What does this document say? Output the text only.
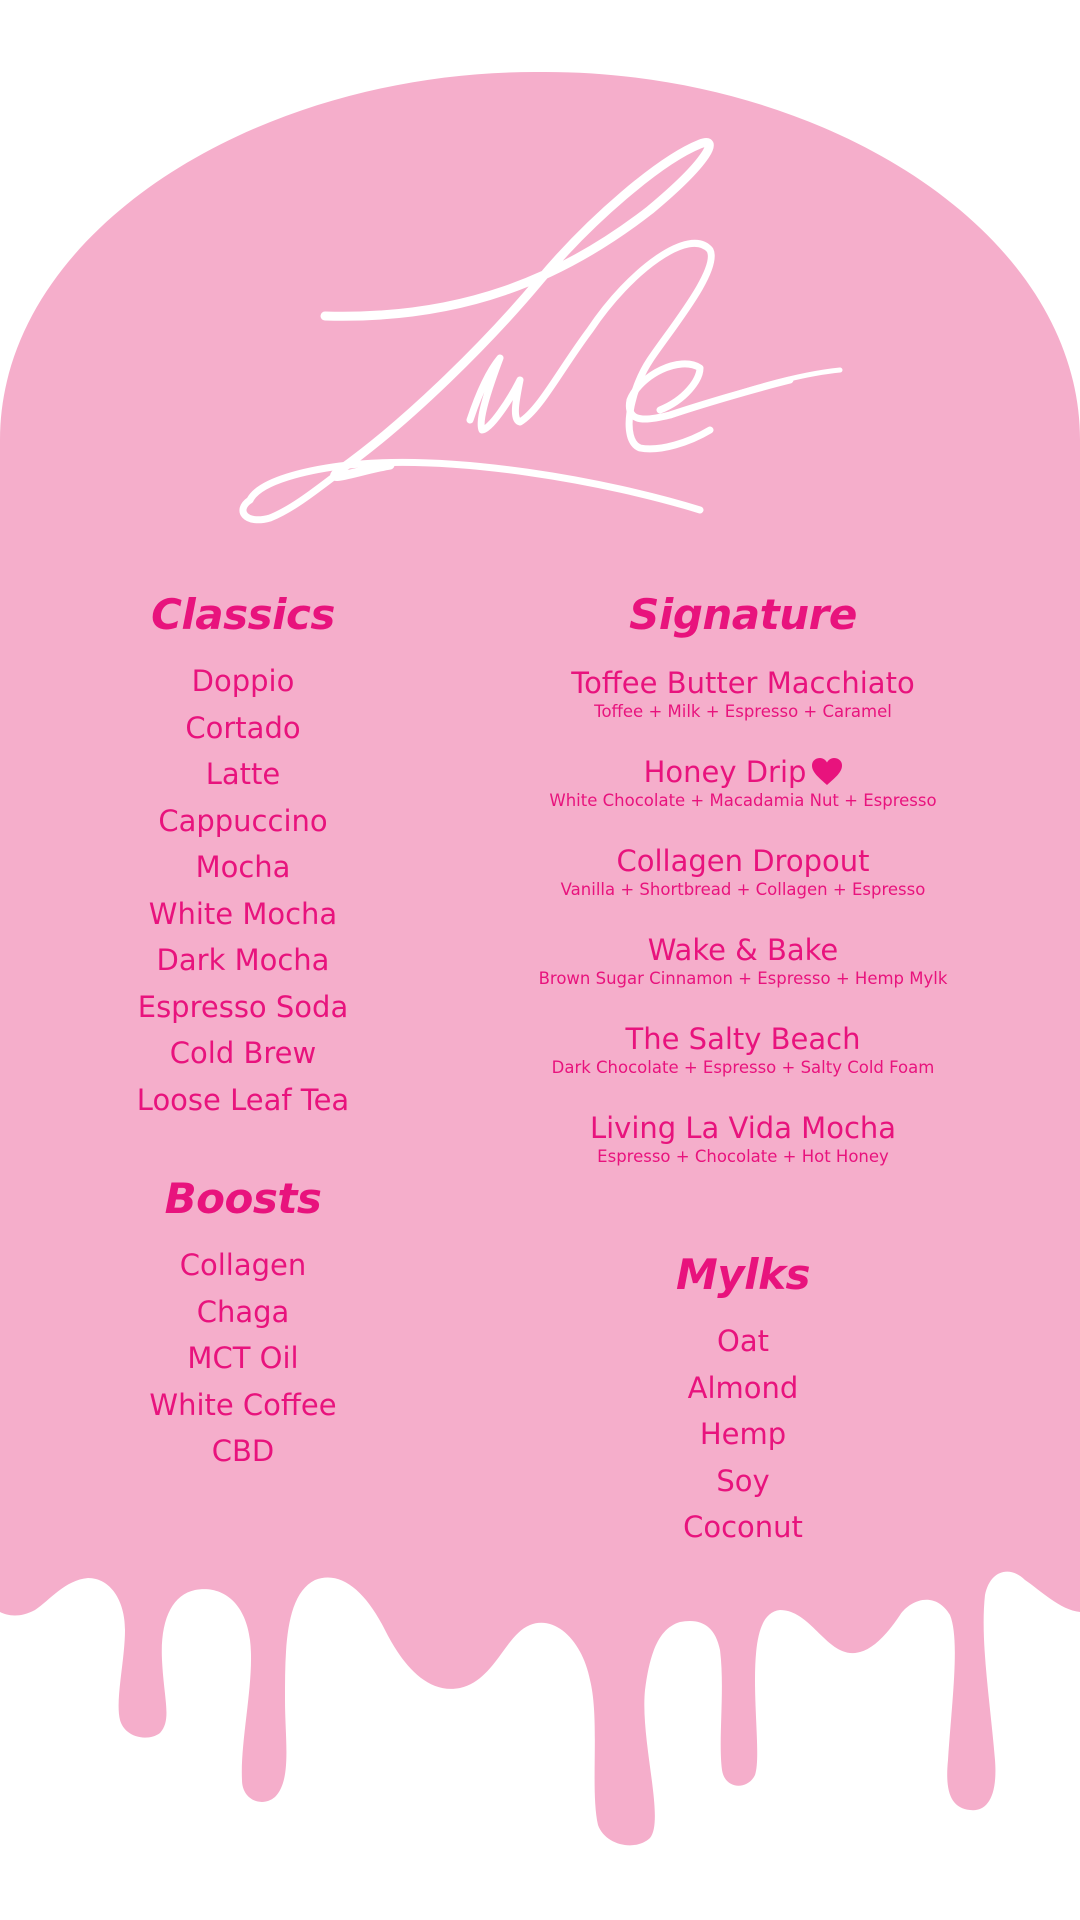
Classics

Doppio

Cortado

Latte

Cappuccino

Mocha

White Mocha

Dark Mocha

Espresso Soda

Cold Brew

Loose Leaf Tea

Boosts

Collagen

Chaga

MCT Oil

White Coffee

CBD

Signature
Toffee Butter Macchiato
Toffee + Milk + Espresso + Caramel
Honey Drip
White Chocolate + Macadamia Nut + Espresso
Collagen Dropout
Vanilla + Shortbread + Collagen + Espresso
Wake & Bake
Brown Sugar Cinnamon + Espresso + Hemp Mylk
The Salty Beach
Dark Chocolate + Espresso + Salty Cold Foam
Living La Vida Mocha
Espresso + Chocolate + Hot Honey
Mylks

Oat

Almond

Hemp

Soy

Coconut
